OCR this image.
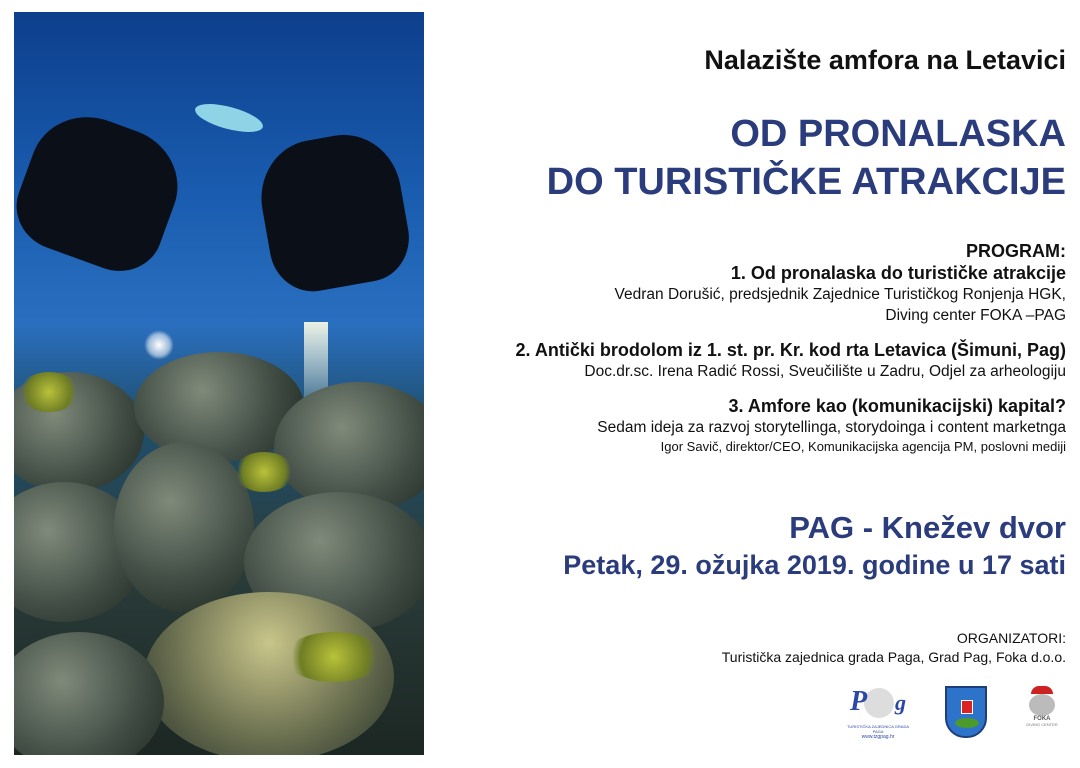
Nalazište amfora na Letavici
OD PRONALASKA
DO TURISTIČKE ATRAKCIJE
PROGRAM:
1. Od pronalaska do turističke atrakcije
Vedran Dorušić, predsjednik Zajednice Turističkog Ronjenja HGK,
Diving center FOKA –PAG
2. Antički brodolom iz 1. st. pr. Kr. kod rta Letavica (Šimuni, Pag)
Doc.dr.sc. Irena Radić Rossi, Sveučilište u Zadru, Odjel za arheologiju
3. Amfore kao (komunikacijski) kapital?
Sedam ideja za razvoj storytellinga, storydoinga i content marketnga
Igor Savič, direktor/CEO, Komunikacijska agencija PM, poslovni mediji
PAG - Knežev dvor
Petak, 29. ožujka 2019. godine u 17 sati
ORGANIZATORI:
Turistička zajednica grada Paga, Grad Pag, Foka d.o.o.
P g
TURISTIČKA ZAJEDNICA GRADA PAGA
www.tzgpag.hr
FOKA
DIVING CENTER
